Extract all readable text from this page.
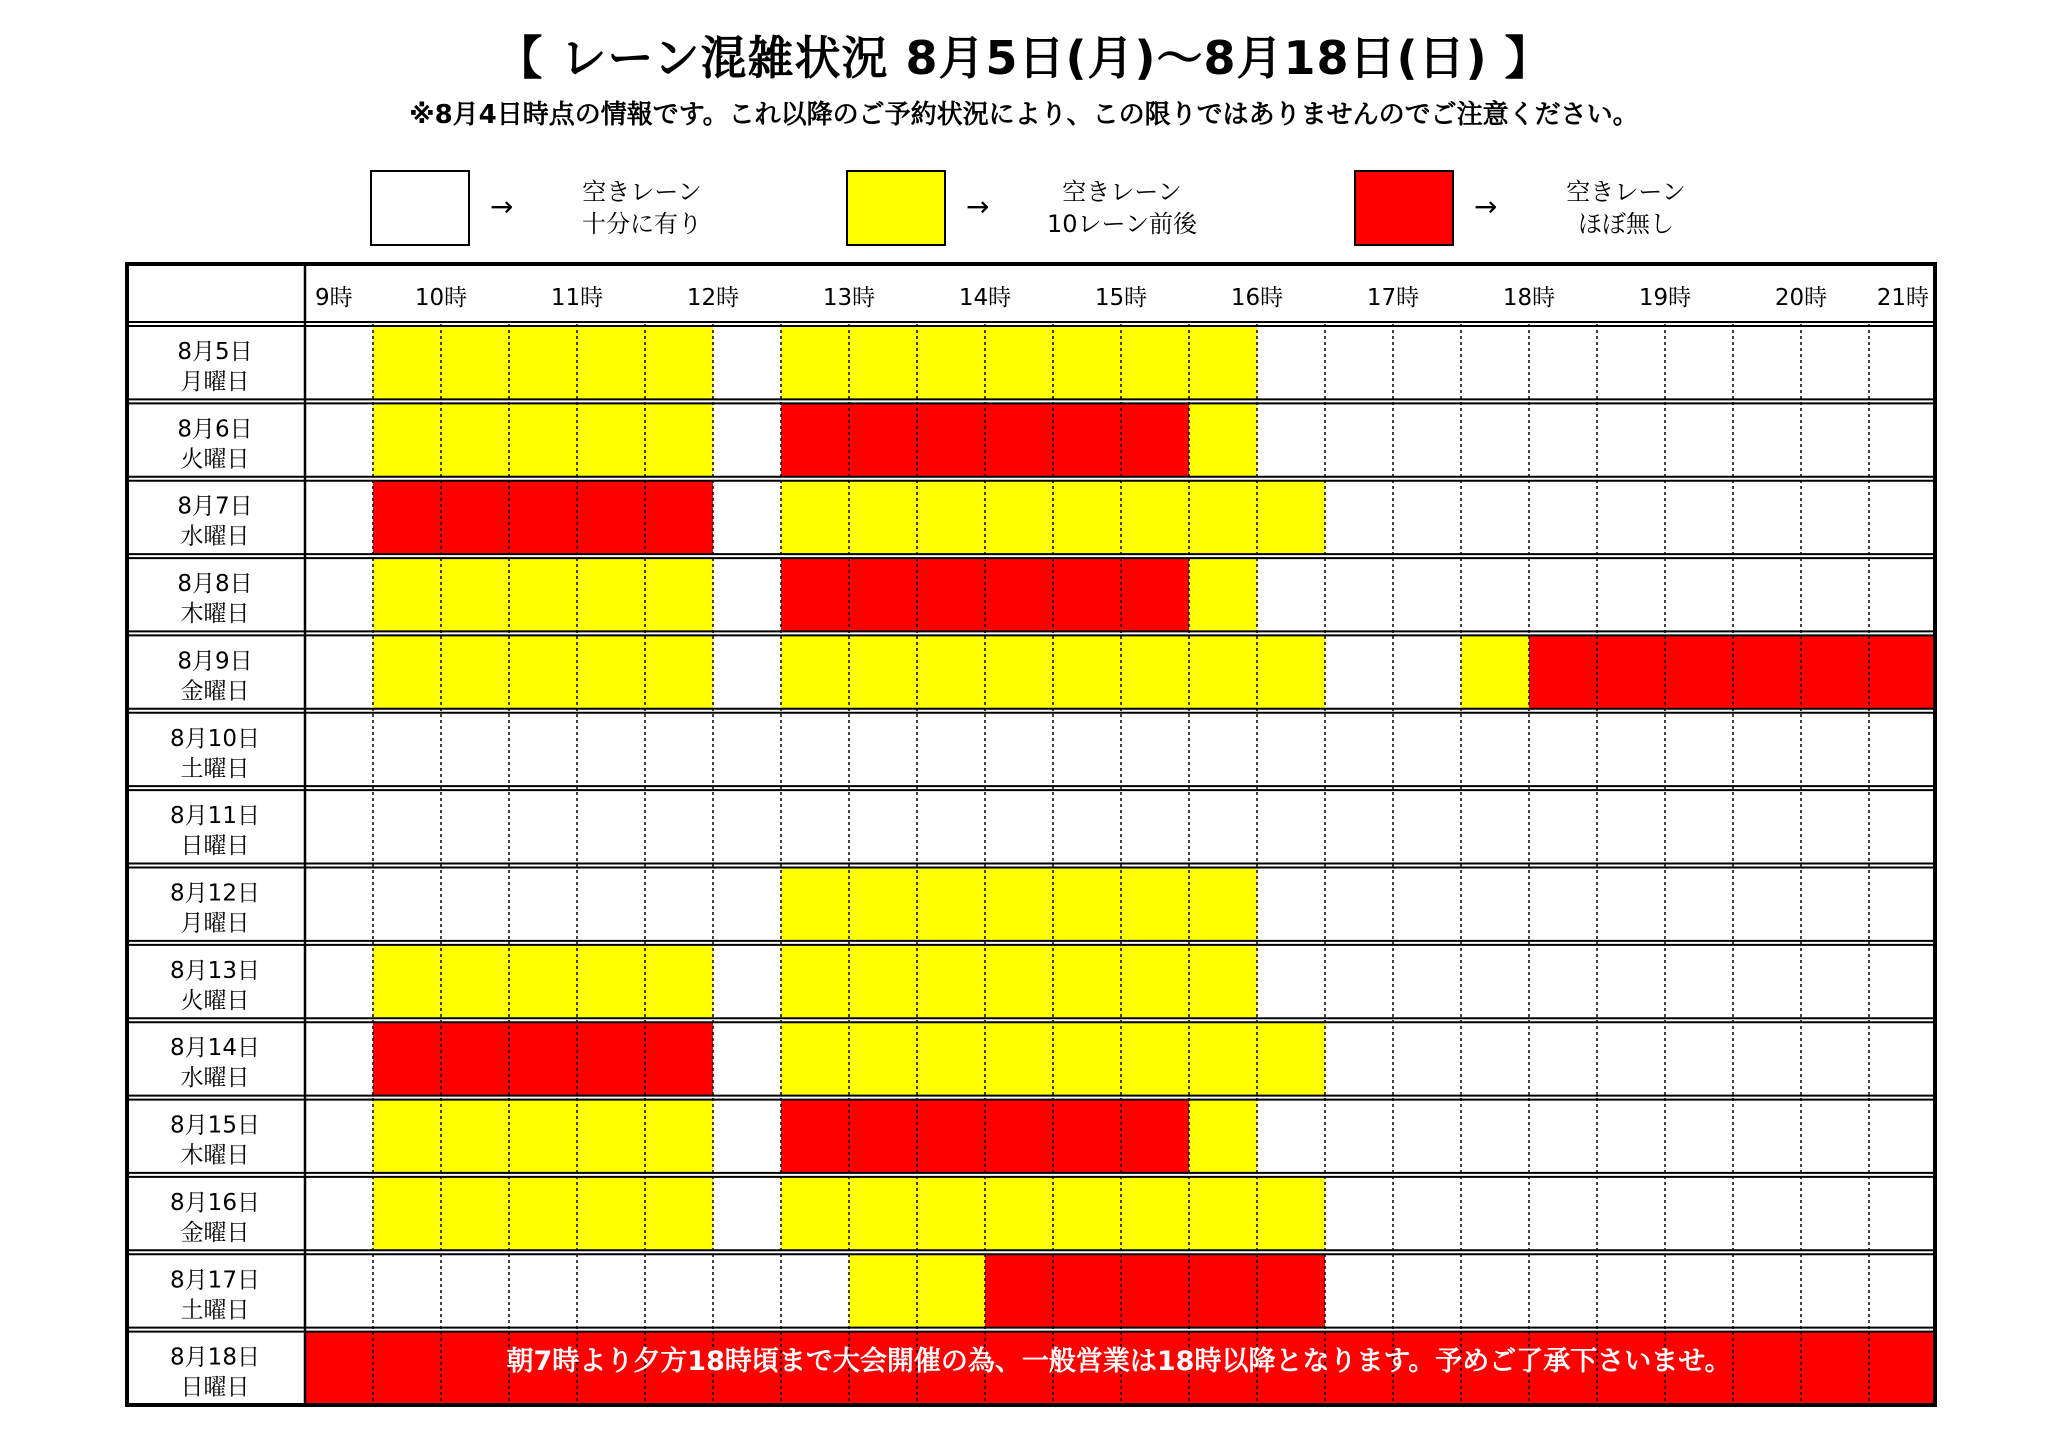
【 レーン混雑状況 8月5日(月)～8月18日(日) 】
※8月4日時点の情報です。これ以降のご予約状況により、この限りではありませんのでご注意ください。
→	空きレーン
十分に有り
→	空きレーン
10レーン前後
→	空きレーン
ほぼ無し
9時	10時	11時	12時	13時	14時	15時	16時	17時	18時	19時	20時 21時
8月5日
月曜日
8月6日
火曜日
8月7日
水曜日
8月8日
木曜日
8月9日
金曜日
8月10日
土曜日
8月11日
日曜日
8月12日
月曜日
8月13日
火曜日
8月14日
水曜日
8月15日
木曜日
8月16日
金曜日
8月17日
土曜日
8月18日
日曜日
朝7時より夕方18時頃まで大会開催の為、一般営業は18時以降となります。予めご了承下さいませ。
